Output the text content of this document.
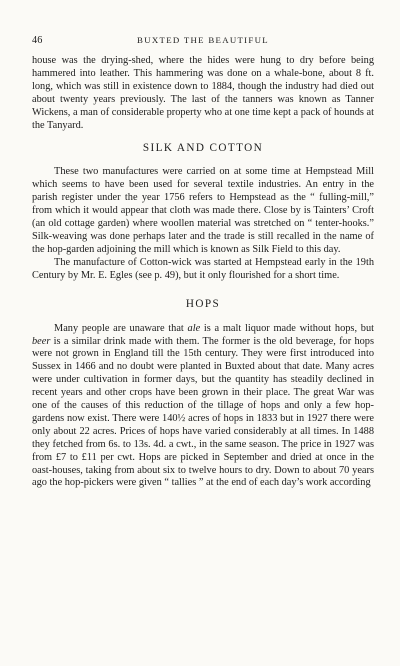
46	BUXTED THE BEAUTIFUL

house was the drying-shed, where the hides were hung to dry before being hammered into leather. This hammering was done on a whale-bone, about 8 ft. long, which was still in existence down to 1884, though the industry had died out about twenty years previously. The last of the tanners was known as Tanner Wickens, a man of considerable property who at one time kept a pack of hounds at the Tanyard.

SILK AND COTTON

These two manufactures were carried on at some time at Hempstead Mill which seems to have been used for several textile industries. An entry in the parish register under the year 1756 refers to Hempstead as the “ fulling-mill,” from which it would appear that cloth was made there. Close by is Tainters’ Croft (an old cottage garden) where woollen material was stretched on “ tenter-hooks.” Silk-weaving was done perhaps later and the trade is still recalled in the name of the hop-garden adjoining the mill which is known as Silk Field to this day.

The manufacture of Cotton-wick was started at Hempstead early in the 19th Century by Mr. E. Egles (see p. 49), but it only flourished for a short time.

HOPS

Many people are unaware that ale is a malt liquor made without hops, but beer is a similar drink made with them. The former is the old beverage, for hops were not grown in England till the 15th century. They were first introduced into Sussex in 1466 and no doubt were planted in Buxted about that date. Many acres were under cultivation in former days, but the quantity has steadily declined in recent years and other crops have been grown in their place. The great War was one of the causes of this reduction of the tillage of hops and only a few hop-gardens now exist. There were 140½ acres of hops in 1833 but in 1927 there were only about 22 acres. Prices of hops have varied considerably at all times. In 1488 they fetched from 6s. to 13s. 4d. a cwt., in the same season. The price in 1927 was from £7 to £11 per cwt. Hops are picked in September and dried at once in the oast-houses, taking from about six to twelve hours to dry. Down to about 70 years ago the hop-pickers were given “ tallies ” at the end of each day’s work according
